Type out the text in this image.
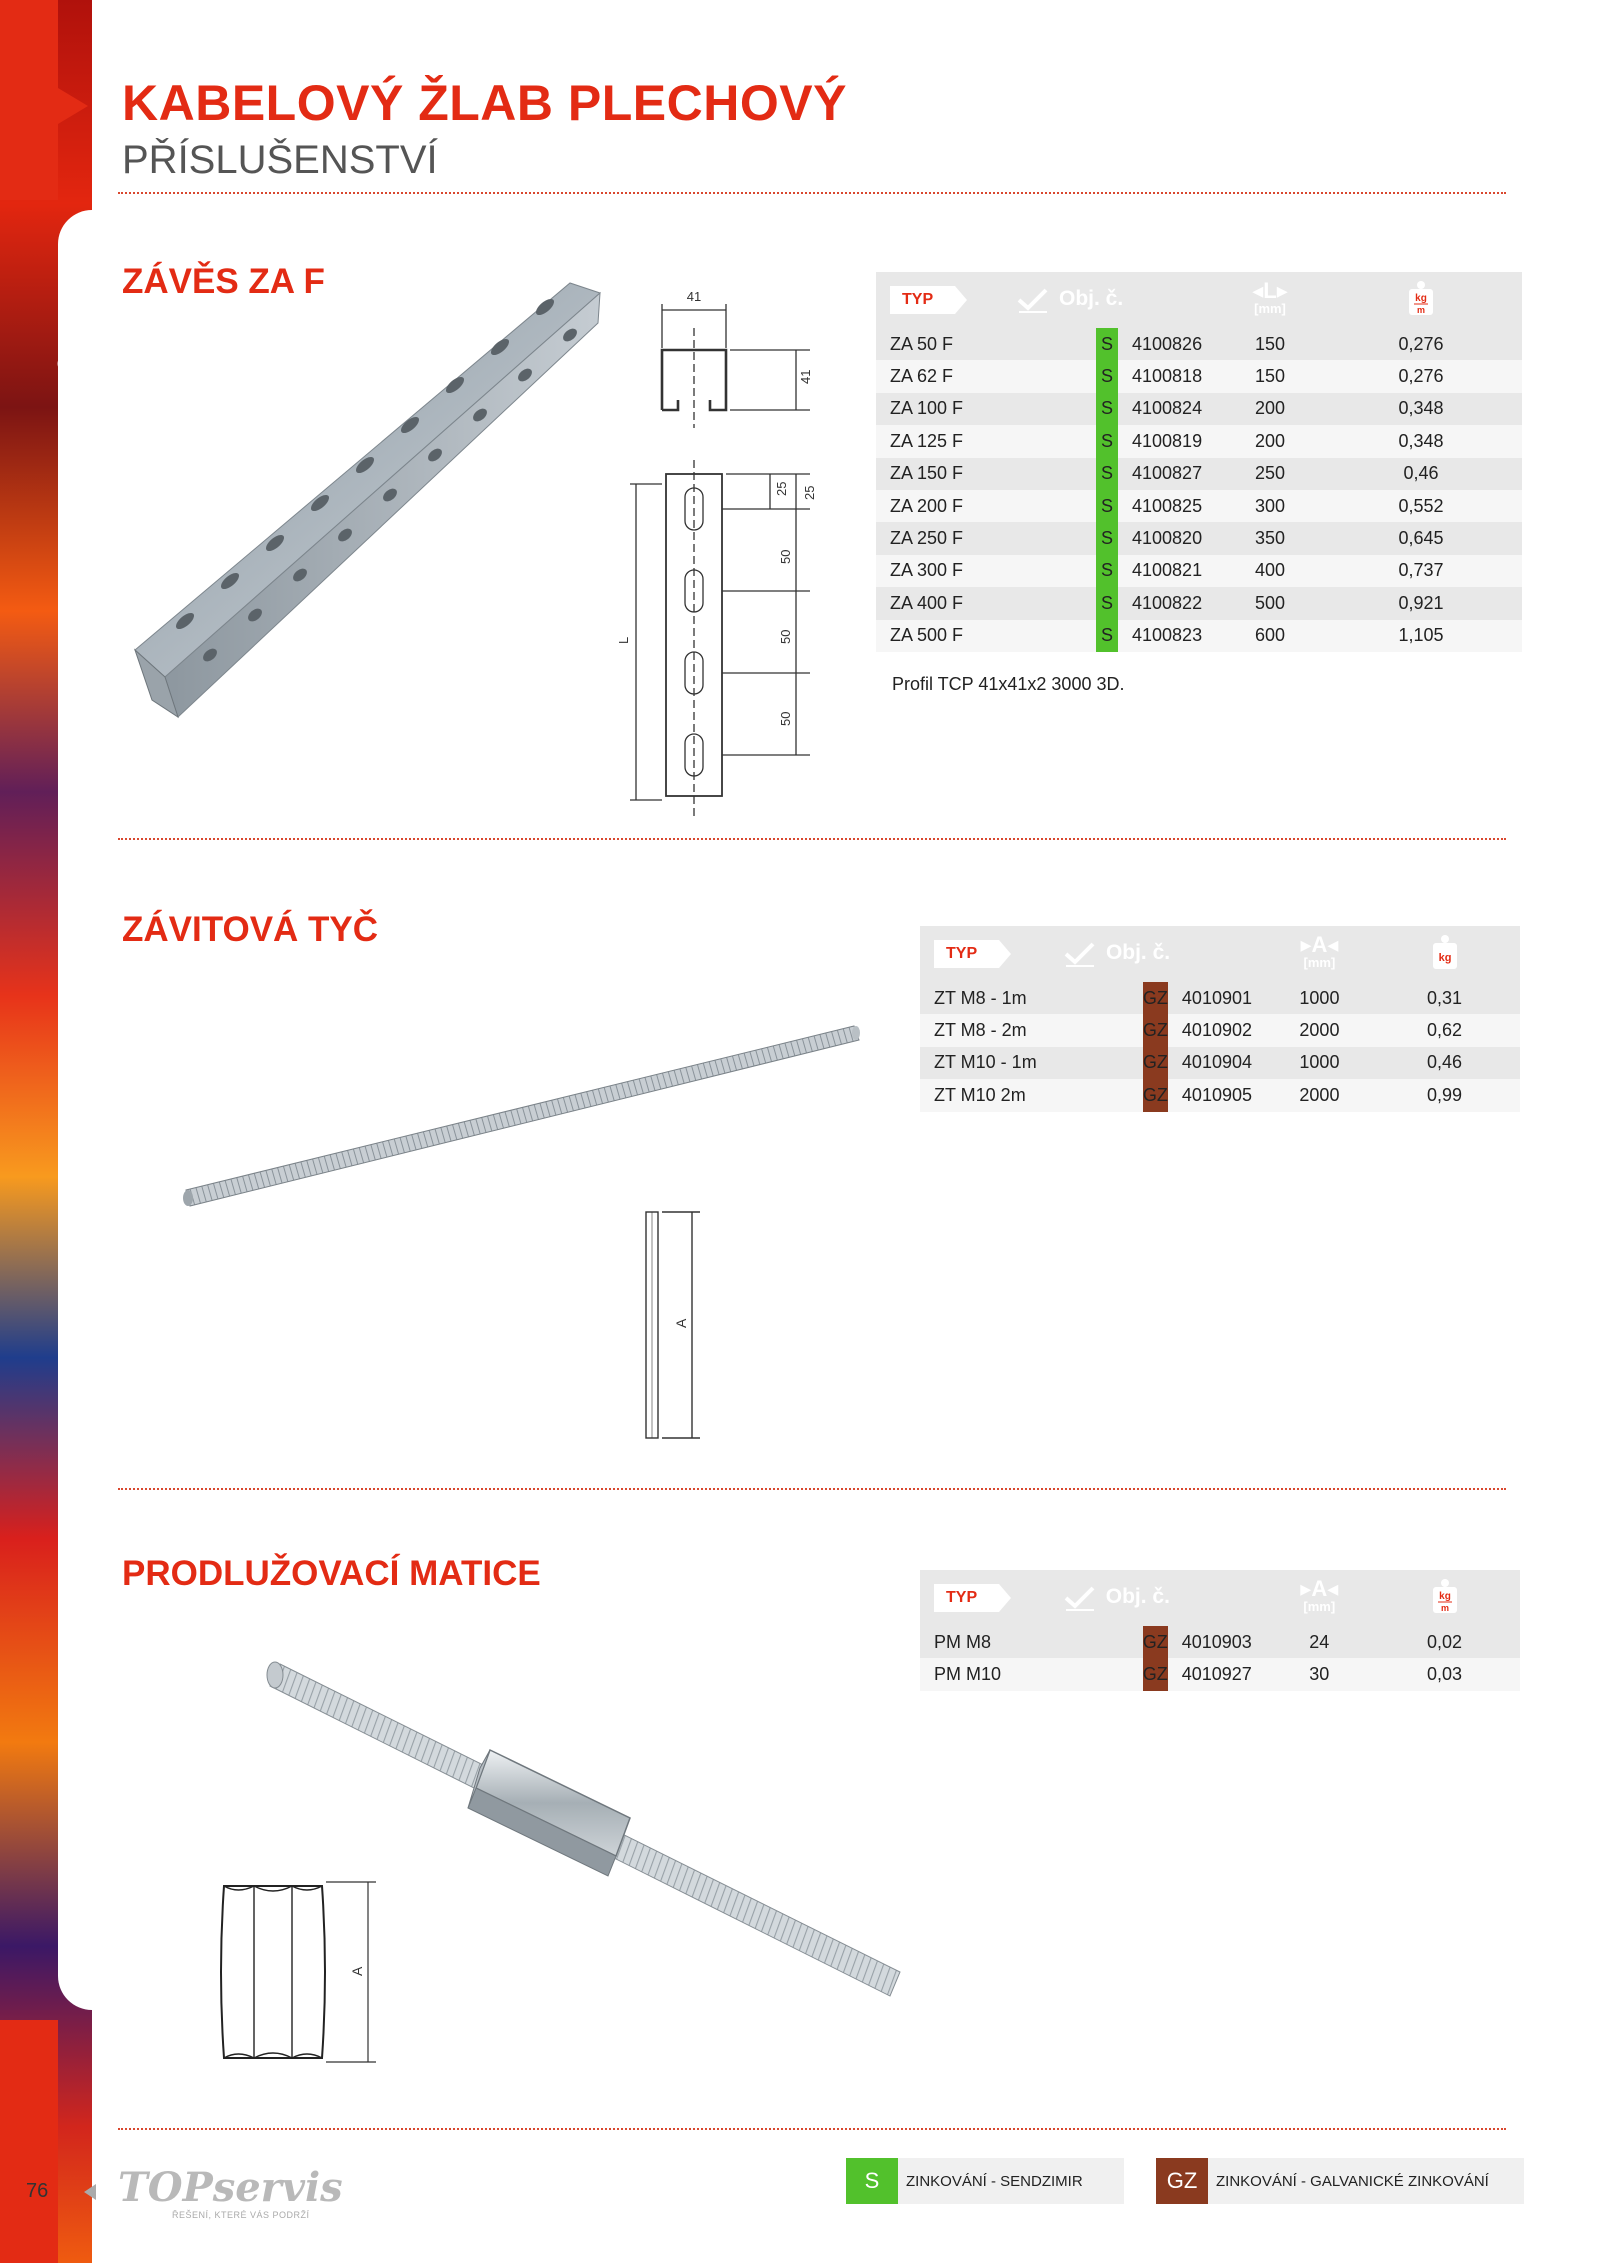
TOPservis
KABELOVÝ ŽLAB PLECHOVÝ
PŘÍSLUŠENSTVÍ
ZÁVĚS ZA F	41
41
25 25
50
50
50
L
TYP	Obj. č.		◂L▸
[mm]	kg
m

ZA 50 F	S	4100826	150	0,276
ZA 62 F	S	4100818	150	0,276
ZA 100 F	S	4100824	200	0,348
ZA 125 F	S	4100819	200	0,348
ZA 150 F	S	4100827	250	0,46
ZA 200 F	S	4100825	300	0,552
ZA 250 F	S	4100820	350	0,645
ZA 300 F	S	4100821	400	0,737
ZA 400 F	S	4100822	500	0,921
ZA 500 F	S	4100823	600	1,105
Profil TCP 41x41x2 3000 3D.
ZÁVITOVÁ TYČ
A
TYP	Obj. č.		▸A◂
[mm]	kg

ZT M8 - 1m	GZ	4010901	1000	0,31
ZT M8 - 2m	GZ	4010902	2000	0,62
ZT M10 - 1m	GZ	4010904	1000	0,46
ZT M10 2m	GZ	4010905	2000	0,99
PRODLUŽOVACÍ MATICE
A
TYP	Obj. č.		▸A◂
[mm]	kg
m

PM M8	GZ	4010903	24	0,02
PM M10	GZ	4010927	30	0,03
76 TOPservis
ŘEŠENÍ, KTERÉ VÁS PODRŽÍ
S	ZINKOVÁNÍ - SENDZIMIR	GZ	ZINKOVÁNÍ - GALVANICKÉ ZINKOVÁNÍ
